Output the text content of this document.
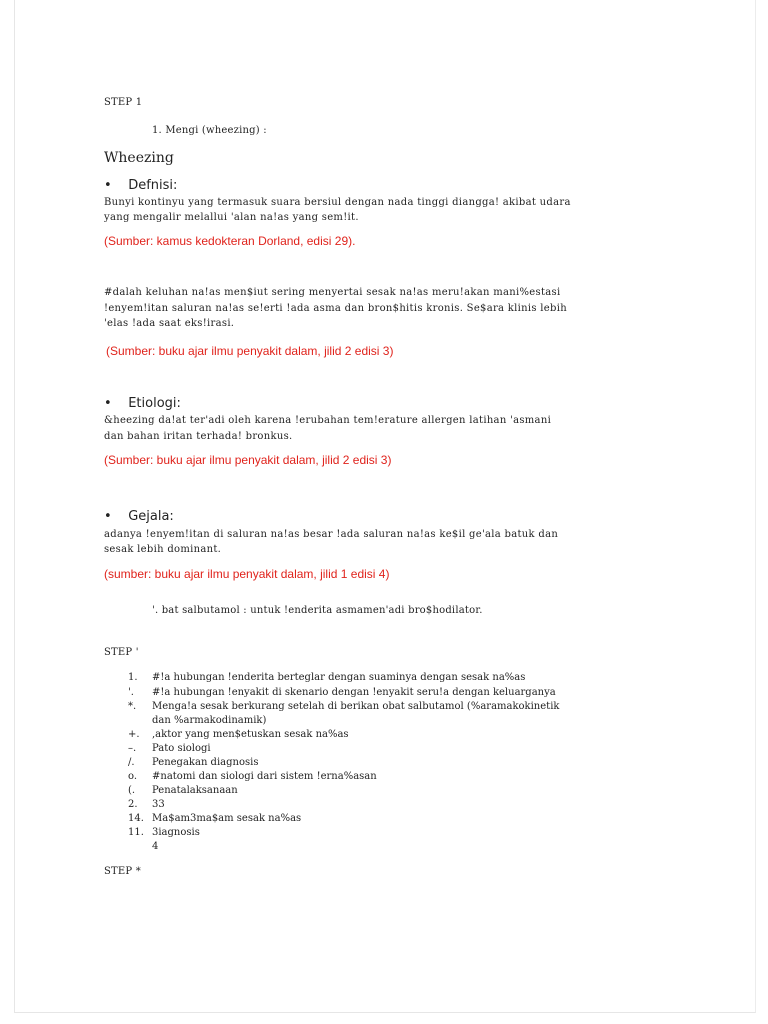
STEP 1
1. Mengi (wheezing) :
Wheezing
• Defnisi:
Bunyi kontinyu yang termasuk suara bersiul dengan nada tinggi diangga! akibat udara
yang mengalir melallui 'alan na!as yang sem!it.
(Sumber: kamus kedokteran Dorland, edisi 29).
#dalah keluhan na!as men$iut sering menyertai sesak na!as meru!akan mani%estasi
!enyem!itan saluran na!as se!erti !ada asma dan bron$hitis kronis. Se$ara klinis lebih
'elas !ada saat eks!irasi.
(Sumber: buku ajar ilmu penyakit dalam, jilid 2 edisi 3)
• Etiologi:
&heezing da!at ter'adi oleh karena !erubahan tem!erature allergen latihan 'asmani
dan bahan iritan terhada! bronkus.
(Sumber: buku ajar ilmu penyakit dalam, jilid 2 edisi 3)
• Gejala:
adanya !enyem!itan di saluran na!as besar !ada saluran na!as ke$il ge'ala batuk dan
sesak lebih dominant.
(sumber: buku ajar ilmu penyakit dalam, jilid 1 edisi 4)
'. bat salbutamol : untuk !enderita asmamen'adi bro$hodilator.
STEP '
1. #!a hubungan !enderita berteglar dengan suaminya dengan sesak na%as
'. #!a hubungan !enyakit di skenario dengan !enyakit seru!a dengan keluarganya
*. Menga!a sesak berkurang setelah di berikan obat salbutamol (%aramakokinetik
dan %armakodinamik)
+. ,aktor yang men$etuskan sesak na%as
–. Pato siologi
/. Penegakan diagnosis
o. #natomi dan siologi dari sistem !erna%asan
(. Penatalaksanaan
2. 33
14. Ma$am3ma$am sesak na%as
11. 3iagnosis
4
STEP *
